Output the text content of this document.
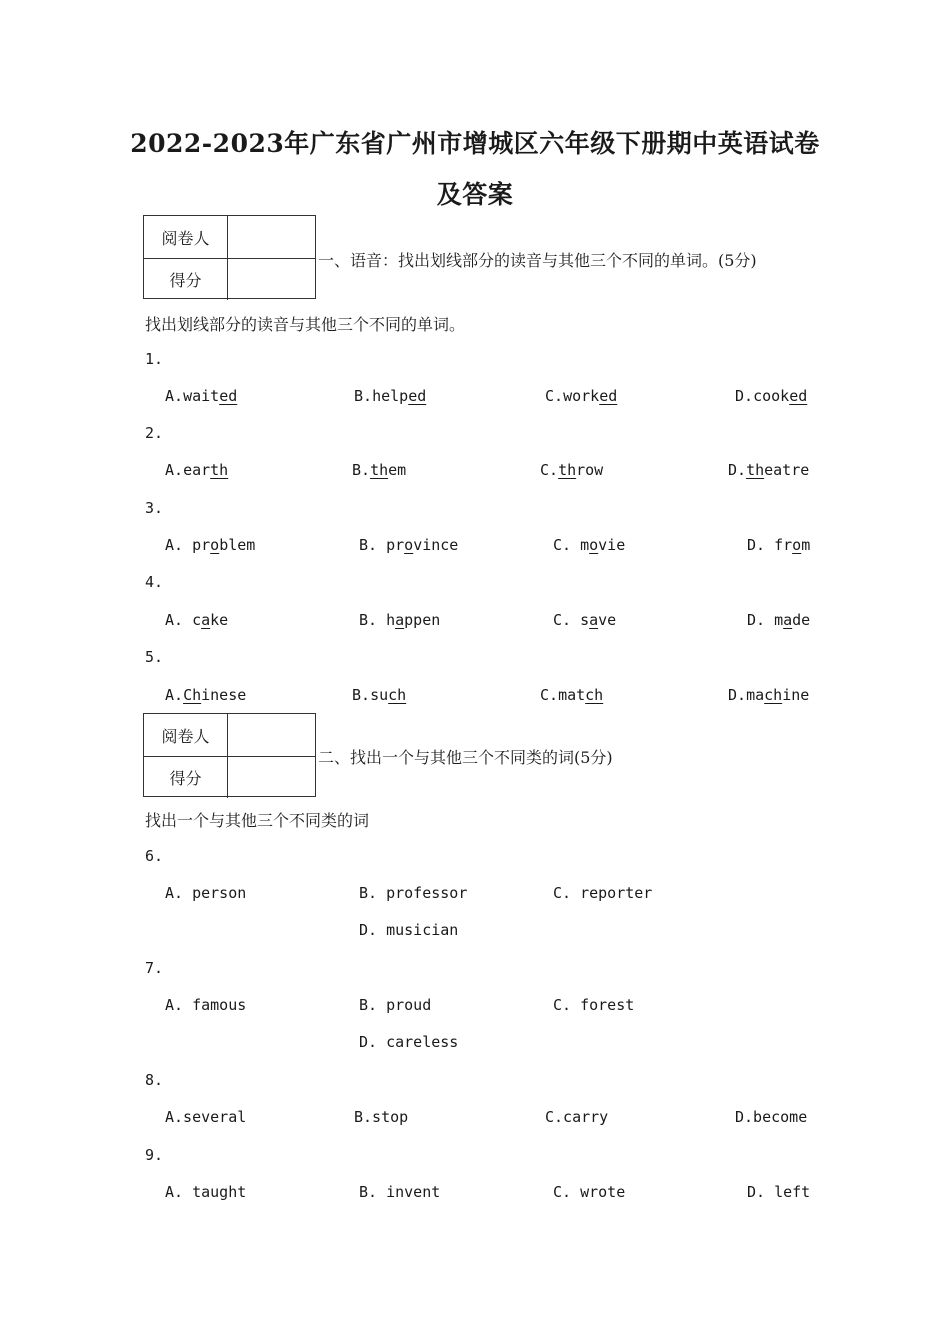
2022-2023年广东省广州市增城区六年级下册期中英语试卷
及答案
阅卷人
得分
一、语音：找出划线部分的读音与其他三个不同的单词。(5分)
找出划线部分的读音与其他三个不同的单词。
1.
A.waited	B.helped	C.worked	D.cooked
2.
A.earth	B.them	C.throw	D.theatre
3.
A. problem	B. province	C. movie	D. from
4.
A. cake	B. happen	C. save	D. made
5.
A.Chinese	B.such	C.match	D.machine
阅卷人
得分
二、找出一个与其他三个不同类的词(5分)
找出一个与其他三个不同类的词
6.
A. person	B. professor	C. reporter
D. musician
7.
A. famous	B. proud	C. forest
D. careless
8.
A.several	B.stop	C.carry	D.become
9.
A. taught	B. invent	C. wrote	D. left
